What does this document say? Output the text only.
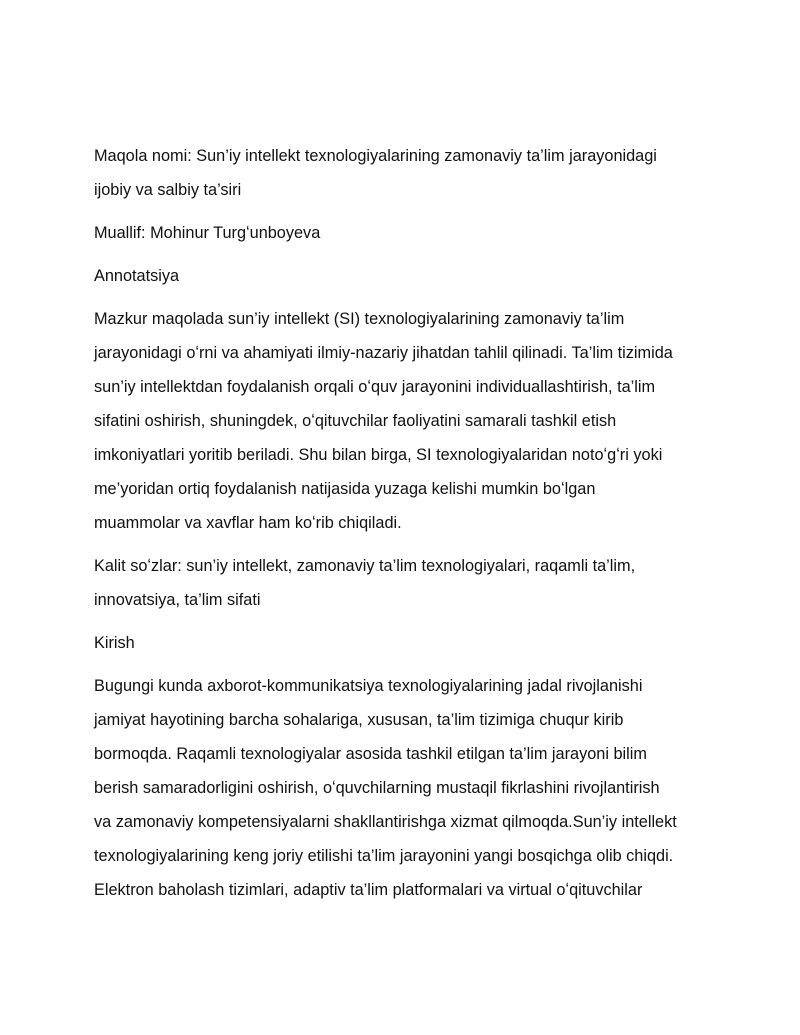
Maqola nomi: Sun’iy intellekt texnologiyalarining zamonaviy ta’lim jarayonidagi
ijobiy va salbiy ta’siri

Muallif: Mohinur Turgʻunboyeva

Annotatsiya

Mazkur maqolada sun’iy intellekt (SI) texnologiyalarining zamonaviy ta’lim
jarayonidagi oʻrni va ahamiyati ilmiy-nazariy jihatdan tahlil qilinadi. Ta’lim tizimida
sun’iy intellektdan foydalanish orqali oʻquv jarayonini individuallashtirish, ta’lim
sifatini oshirish, shuningdek, oʻqituvchilar faoliyatini samarali tashkil etish
imkoniyatlari yoritib beriladi. Shu bilan birga, SI texnologiyalaridan notoʻgʻri yoki
me’yoridan ortiq foydalanish natijasida yuzaga kelishi mumkin boʻlgan
muammolar va xavflar ham koʻrib chiqiladi.

Kalit soʻzlar: sun’iy intellekt, zamonaviy ta’lim texnologiyalari, raqamli ta’lim,
innovatsiya, ta’lim sifati

Kirish

Bugungi kunda axborot-kommunikatsiya texnologiyalarining jadal rivojlanishi
jamiyat hayotining barcha sohalariga, xususan, ta’lim tizimiga chuqur kirib
bormoqda. Raqamli texnologiyalar asosida tashkil etilgan ta’lim jarayoni bilim
berish samaradorligini oshirish, oʻquvchilarning mustaqil fikrlashini rivojlantirish
va zamonaviy kompetensiyalarni shakllantirishga xizmat qilmoqda.Sun’iy intellekt
texnologiyalarining keng joriy etilishi ta’lim jarayonini yangi bosqichga olib chiqdi.
Elektron baholash tizimlari, adaptiv ta’lim platformalari va virtual oʻqituvchilar
